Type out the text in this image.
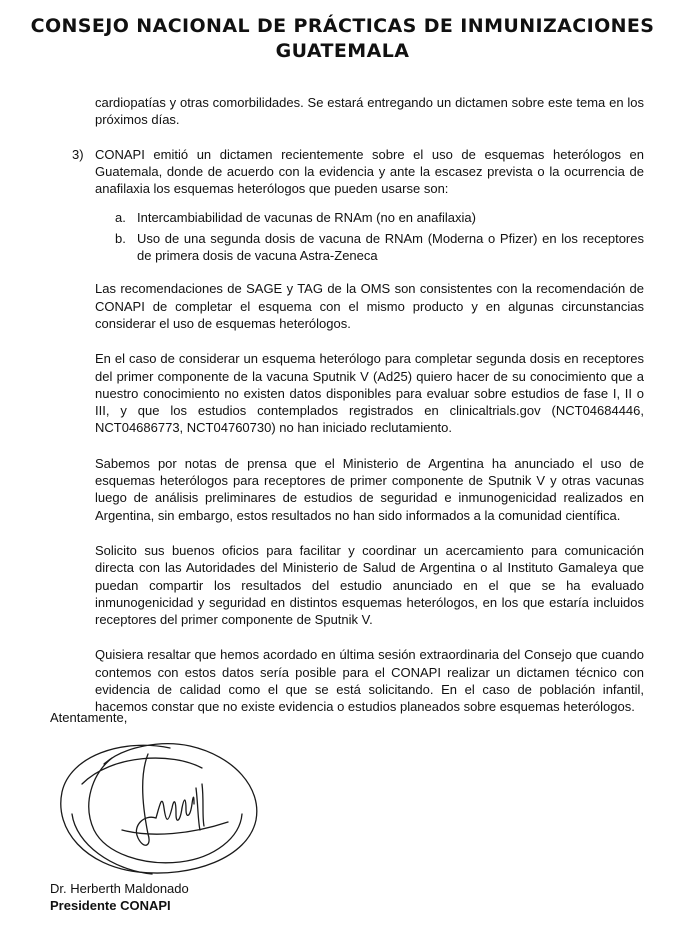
CONSEJO NACIONAL DE PRÁCTICAS DE INMUNIZACIONES
GUATEMALA

cardiopatías y otras comorbilidades. Se estará entregando un dictamen sobre este tema en los próximos días.

3) CONAPI emitió un dictamen recientemente sobre el uso de esquemas heterólogos en Guatemala, donde de acuerdo con la evidencia y ante la escasez prevista o la ocurrencia de anafilaxia los esquemas heterólogos que pueden usarse son:

a. Intercambiabilidad de vacunas de RNAm (no en anafilaxia)
b. Uso de una segunda dosis de vacuna de RNAm (Moderna o Pfizer) en los receptores de primera dosis de vacuna Astra-Zeneca

Las recomendaciones de SAGE y TAG de la OMS son consistentes con la recomendación de CONAPI de completar el esquema con el mismo producto y en algunas circunstancias considerar el uso de esquemas heterólogos.

En el caso de considerar un esquema heterólogo para completar segunda dosis en receptores del primer componente de la vacuna Sputnik V (Ad25) quiero hacer de su conocimiento que a nuestro conocimiento no existen datos disponibles para evaluar sobre estudios de fase I, II o III, y que los estudios contemplados registrados en clinicaltrials.gov (NCT04684446, NCT04686773, NCT04760730) no han iniciado reclutamiento.

Sabemos por notas de prensa que el Ministerio de Argentina ha anunciado el uso de esquemas heterólogos para receptores de primer componente de Sputnik V y otras vacunas luego de análisis preliminares de estudios de seguridad e inmunogenicidad realizados en Argentina, sin embargo, estos resultados no han sido informados a la comunidad científica.

Solicito sus buenos oficios para facilitar y coordinar un acercamiento para comunicación directa con las Autoridades del Ministerio de Salud de Argentina o al Instituto Gamaleya que puedan compartir los resultados del estudio anunciado en el que se ha evaluado inmunogenicidad y seguridad en distintos esquemas heterólogos, en los que estaría incluidos receptores del primer componente de Sputnik V.

Quisiera resaltar que hemos acordado en última sesión extraordinaria del Consejo que cuando contemos con estos datos sería posible para el CONAPI realizar un dictamen técnico con evidencia de calidad como el que se está solicitando. En el caso de población infantil, hacemos constar que no existe evidencia o estudios planeados sobre esquemas heterólogos.

Atentamente,
Dr. Herberth Maldonado
Presidente CONAPI
